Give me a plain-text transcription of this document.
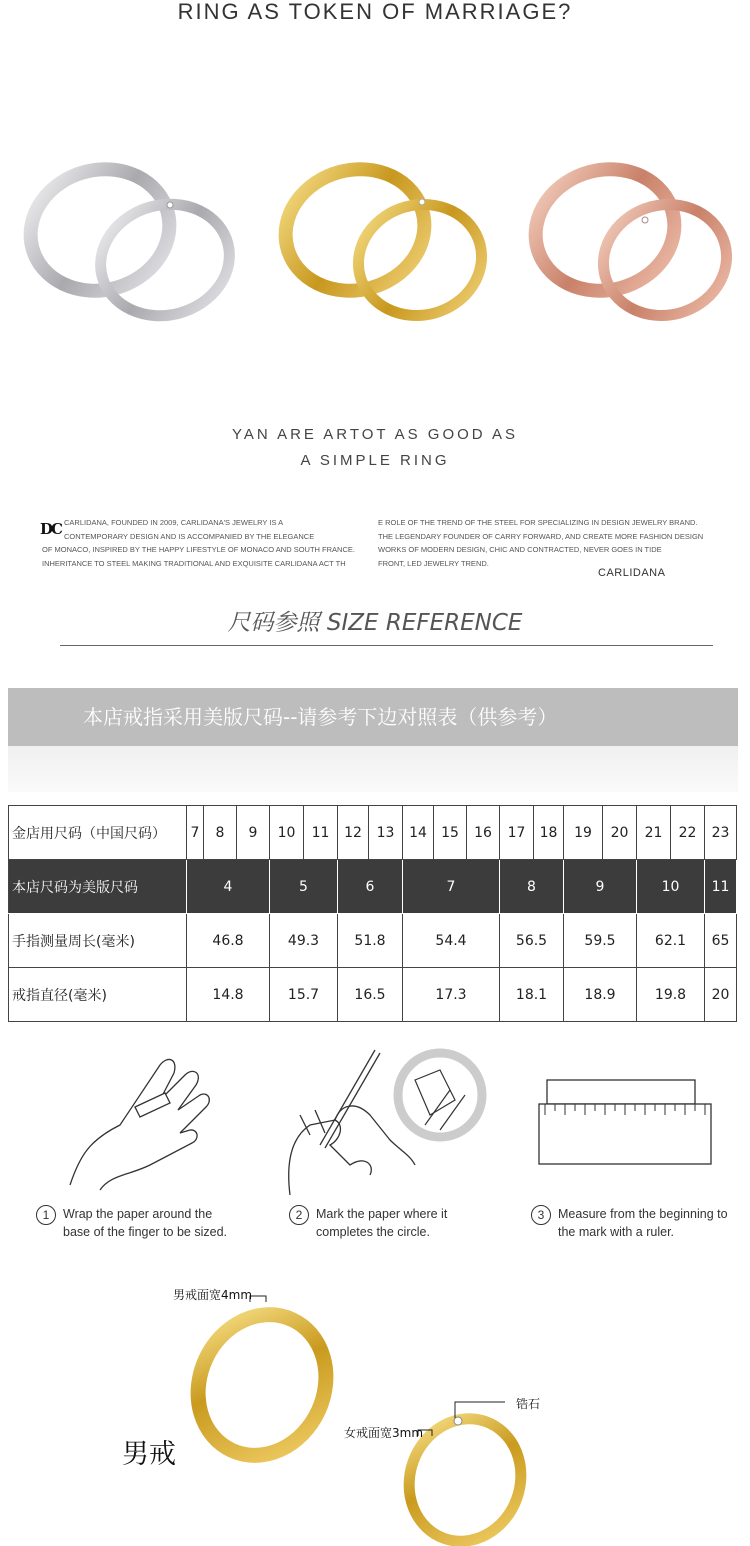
RING AS TOKEN OF MARRIAGE?
YAN ARE ARTOT AS GOOD AS
A SIMPLE RING
DC CARLIDANA, FOUNDED IN 2009, CARLIDANA'S JEWELRY IS A
CONTEMPORARY DESIGN AND IS ACCOMPANIED BY THE ELEGANCE
OF MONACO, INSPIRED BY THE HAPPY LIFESTYLE OF MONACO AND SOUTH FRANCE.
INHERITANCE TO STEEL MAKING TRADITIONAL AND EXQUISITE CARLIDANA ACT TH
E ROLE OF THE TREND OF THE STEEL FOR SPECIALIZING IN DESIGN JEWELRY BRAND.
THE LEGENDARY FOUNDER OF CARRY FORWARD, AND CREATE MORE FASHION DESIGN
WORKS OF MODERN DESIGN, CHIC AND CONTRACTED, NEVER GOES IN TIDE
FRONT, LED JEWELRY TREND.
CARLIDANA
尺码参照 SIZE REFERENCE
本店戒指采用美版尺码--请参考下边对照表（供参考）
金店用尺码（中国尺码）	7	8	9	10	11	12	13	14	15	16	17	18	19	20	21	22	23
本店尺码为美版尺码	4			5		6		7			8		9		10		11
手指测量周长(毫米)	46.8			49.3		51.8		54.4			56.5		59.5		62.1		65
戒指直径(毫米)	14.8			15.7		16.5		17.3			18.1		18.9		19.8		20
1	Wrap the paper around the
base of the finger to be sized.
2	Mark the paper where it
completes the circle.
3	Measure from the beginning to
the mark with a ruler.
男戒面宽4mm
锆石
女戒面宽3mm
男戒
